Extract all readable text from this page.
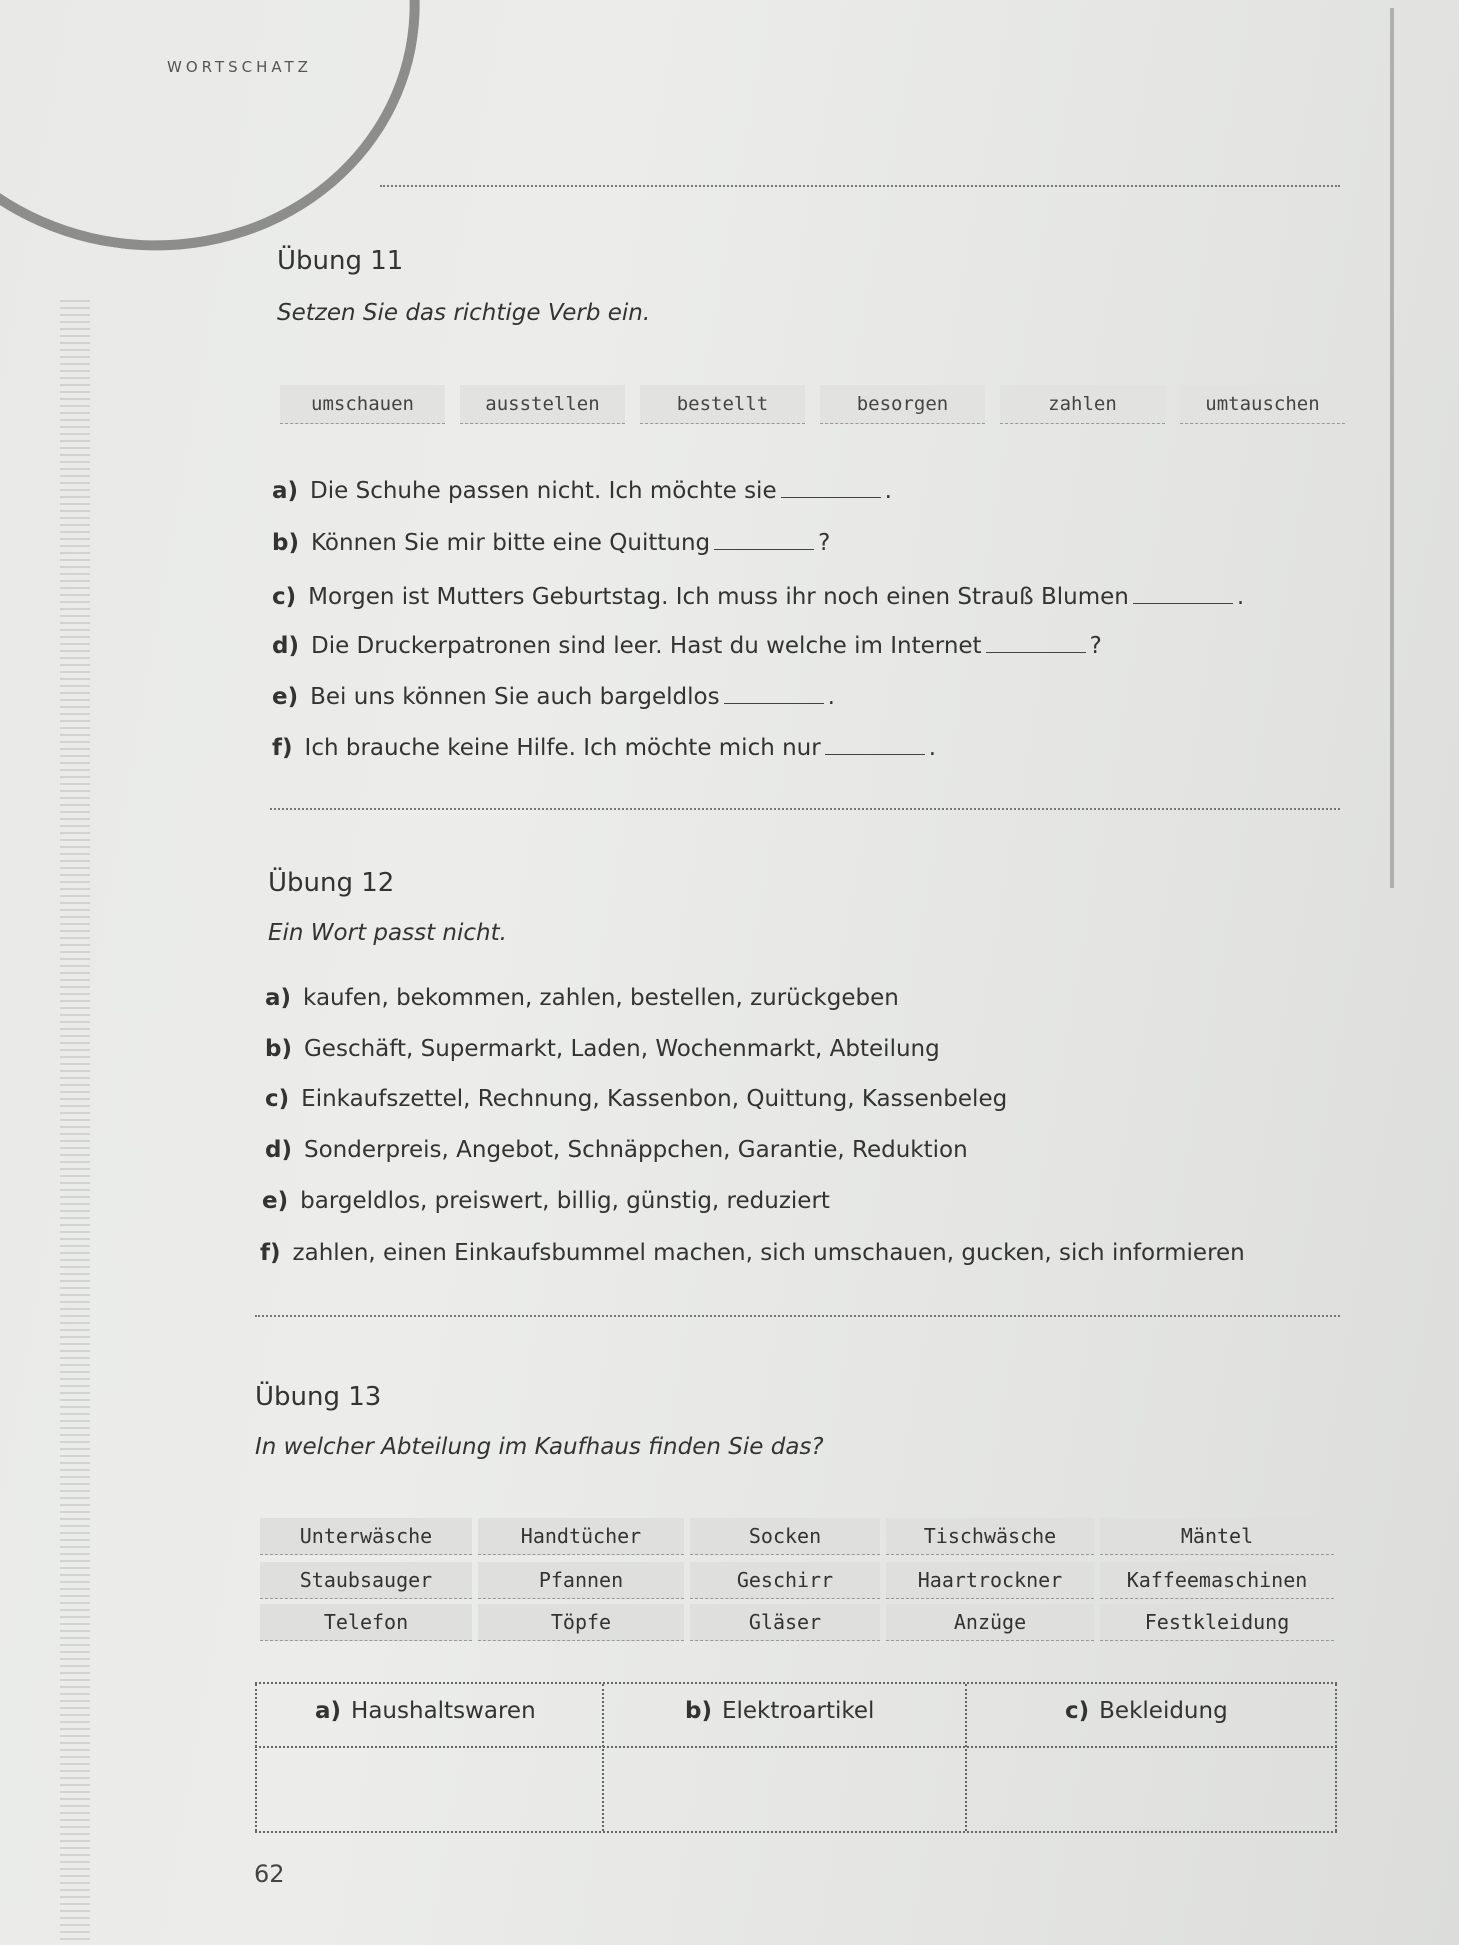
WORTSCHATZ
Übung 11
Setzen Sie das richtige Verb ein.
umschauen	ausstellen	bestellt	besorgen	zahlen	umtauschen
a) Die Schuhe passen nicht. Ich möchte sie	.
b) Können Sie mir bitte eine Quittung	?
c) Morgen ist Mutters Geburtstag. Ich muss ihr noch einen Strauß Blumen	.
d) Die Druckerpatronen sind leer. Hast du welche im Internet	?
e) Bei uns können Sie auch bargeldlos	.
f) Ich brauche keine Hilfe. Ich möchte mich nur	.
Übung 12
Ein Wort passt nicht.
a) kaufen, bekommen, zahlen, bestellen, zurückgeben
b) Geschäft, Supermarkt, Laden, Wochenmarkt, Abteilung
c) Einkaufszettel, Rechnung, Kassenbon, Quittung, Kassenbeleg
d) Sonderpreis, Angebot, Schnäppchen, Garantie, Reduktion
e) bargeldlos, preiswert, billig, günstig, reduziert
f) zahlen, einen Einkaufsbummel machen, sich umschauen, gucken, sich informieren
Übung 13
In welcher Abteilung im Kaufhaus finden Sie das?
Unterwäsche	Handtücher	Socken	Tischwäsche	Mäntel
Staubsauger	Pfannen	Geschirr	Haartrockner	Kaffeemaschinen
Telefon	Töpfe	Gläser	Anzüge	Festkleidung
a) Haushaltswaren	b) Elektroartikel	c) Bekleidung
62
